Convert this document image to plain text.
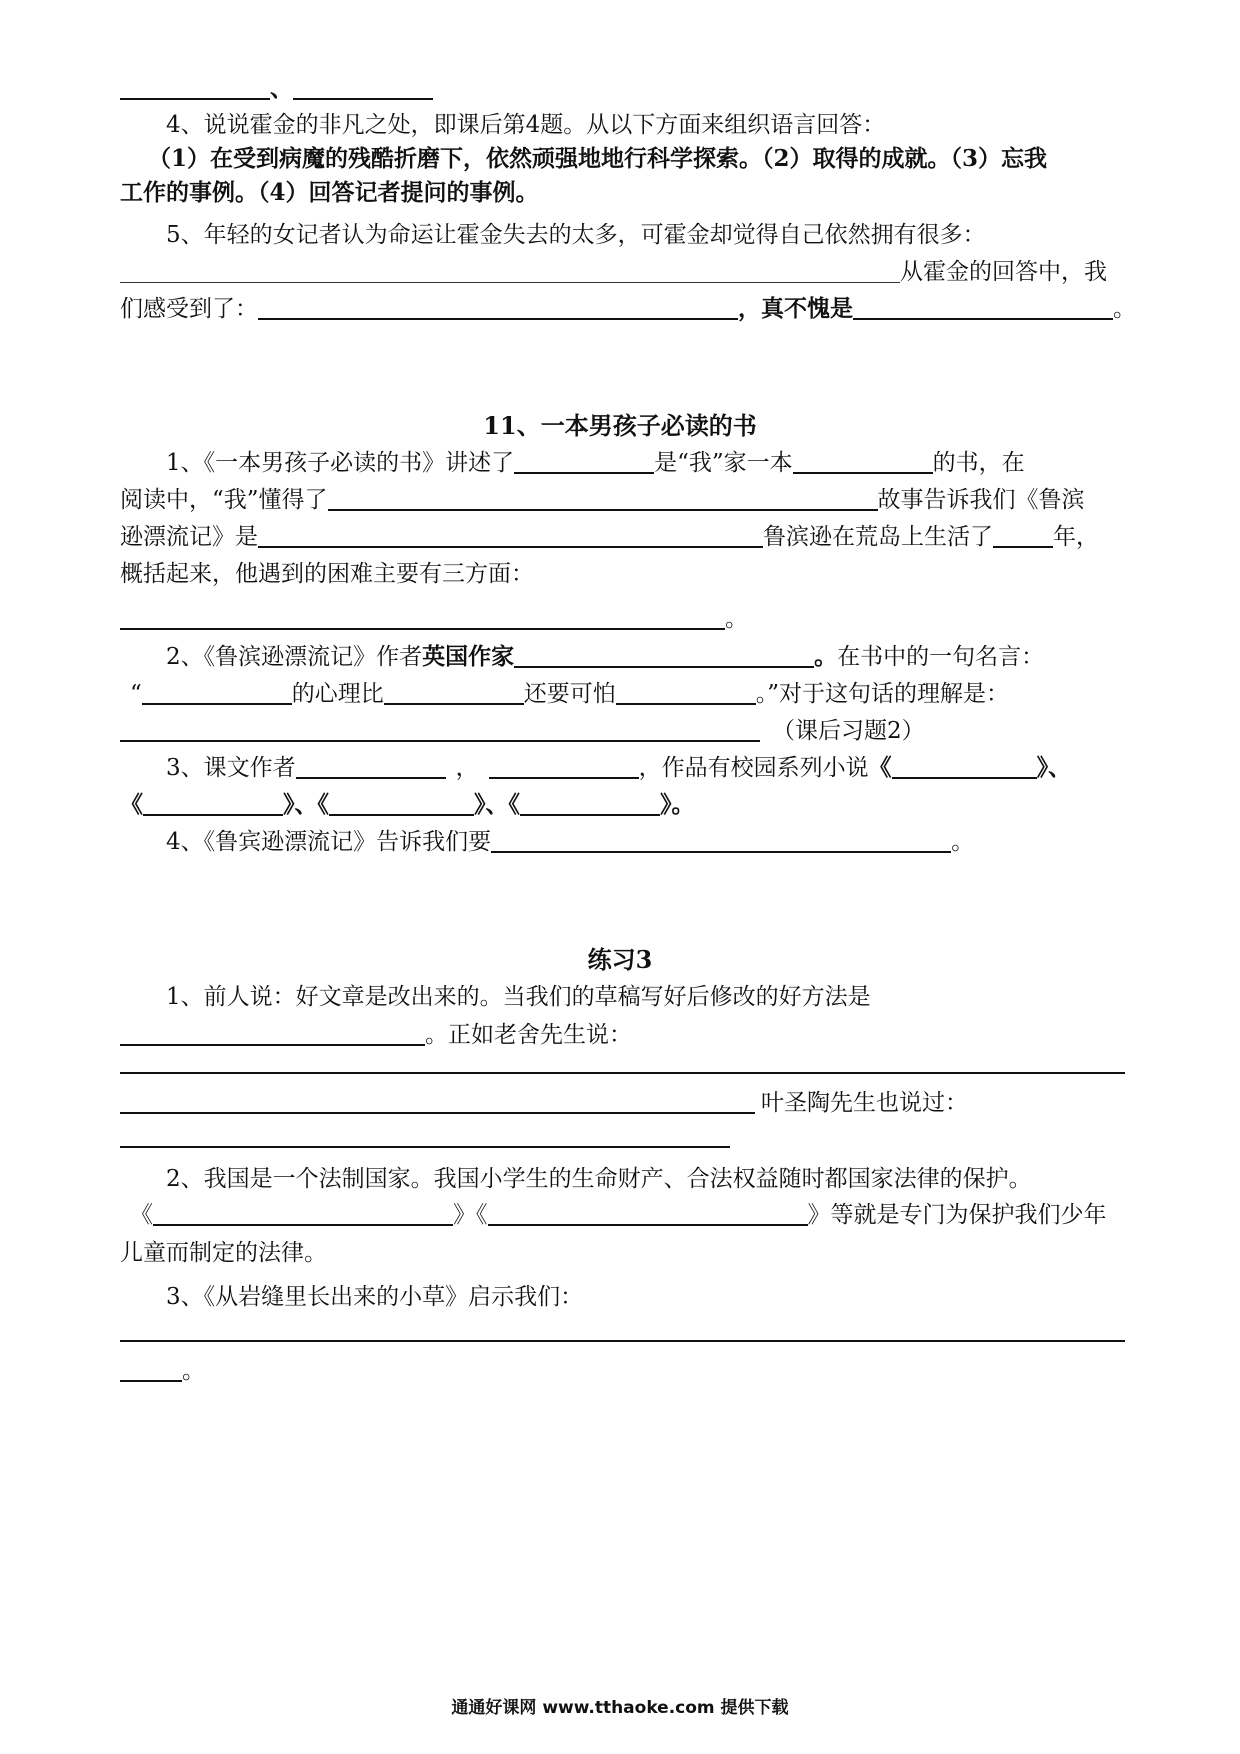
、
4、说说霍金的非凡之处，即课后第4题。从以下方面来组织语言回答：
（1）在受到病魔的残酷折磨下，依然顽强地地行科学探索。（2）取得的成就。（3）忘我
工作的事例。（4）回答记者提问的事例。
5、年轻的女记者认为命运让霍金失去的太多，可霍金却觉得自己依然拥有很多：
从霍金的回答中，我
们感受到了：	，真不愧是	。
11、一本男孩子必读的书
1、《一本男孩子必读的书》讲述了	是“我”家一本	的书，在
阅读中，“我”懂得了	故事告诉我们《鲁滨
逊漂流记》是	鲁滨逊在荒岛上生活了	年，
概括起来，他遇到的困难主要有三方面：
。
2、《鲁滨逊漂流记》作者英国作家	。在书中的一句名言：
“	的心理比	还要可怕	。”对于这句话的理解是：
（课后习题2）
3、课文作者	，	，作品有校园系列小说《	》、
《	》、《	》、《	》。
4、《鲁宾逊漂流记》告诉我们要	。
练习3
1、前人说：好文章是改出来的。当我们的草稿写好后修改的好方法是
。正如老舍先生说：
叶圣陶先生也说过：
2、我国是一个法制国家。我国小学生的生命财产、合法权益随时都国家法律的保护。
《	》《	》等就是专门为保护我们少年
儿童而制定的法律。
3、《从岩缝里长出来的小草》启示我们：
。
通通好课网 www.tthaoke.com 提供下载
